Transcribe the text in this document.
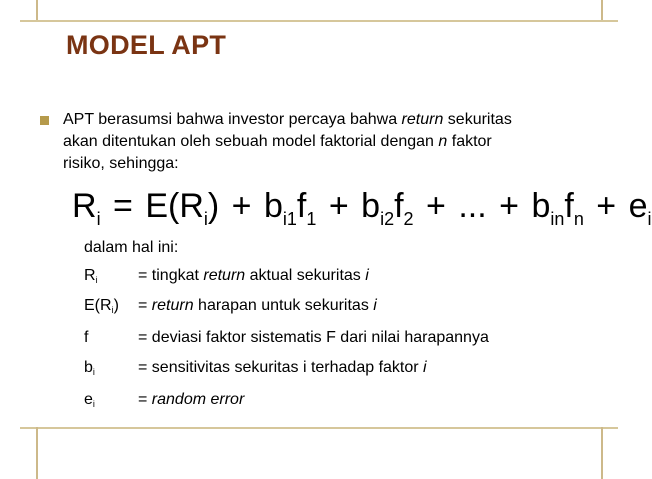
MODEL APT
APT berasumsi bahwa investor percaya bahwa return sekuritas
akan ditentukan oleh sebuah model faktorial dengan n faktor
risiko, sehingga:
$R_i = E(R_i) + b_{i1}f_1 + b_{i2}f_2$ + ... + $b_{in}f_n + e_i$
dalam hal ini:
Ri	= tingkat return aktual sekuritas i
E(Ri) = return harapan untuk sekuritas i
f	= deviasi faktor sistematis F dari nilai harapannya
bi	= sensitivitas sekuritas i terhadap faktor i
ei	= random error
